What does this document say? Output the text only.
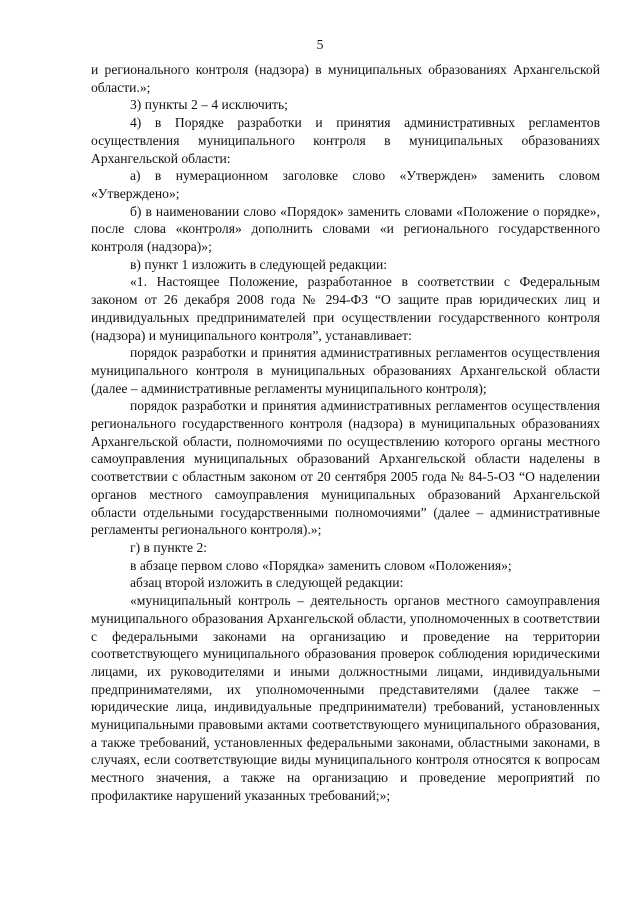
5

и регионального контроля (надзора) в муниципальных образованиях Архангельской области.»;

3) пункты 2 – 4 исключить;

4) в Порядке разработки и принятия административных регламентов осуществления муниципального контроля в муниципальных образованиях Архангельской области:

а) в нумерационном заголовке слово «Утвержден» заменить словом «Утверждено»;

б) в наименовании слово «Порядок» заменить словами «Положение о порядке», после слова «контроля» дополнить словами «и регионального государственного контроля (надзора)»;

в) пункт 1 изложить в следующей редакции:

«1. Настоящее Положение, разработанное в соответствии с Федеральным законом от 26 декабря 2008 года № 294-ФЗ “О защите прав юридических лиц и индивидуальных предпринимателей при осуществлении государственного контроля (надзора) и муниципального контроля”, устанавливает:

порядок разработки и принятия административных регламентов осуществления муниципального контроля в муниципальных образованиях Архангельской области (далее – административные регламенты муниципального контроля);

порядок разработки и принятия административных регламентов осуществления регионального государственного контроля (надзора) в муниципальных образованиях Архангельской области, полномочиями по осуществлению которого органы местного самоуправления муниципальных образований Архангельской области наделены в соответствии с областным законом от 20 сентября 2005 года № 84-5-ОЗ “О наделении органов местного самоуправления муниципальных образований Архангельской области отдельными государственными полномочиями” (далее – административные регламенты регионального контроля).»;

г) в пункте 2:

в абзаце первом слово «Порядка» заменить словом «Положения»;

абзац второй изложить в следующей редакции:

«муниципальный контроль – деятельность органов местного самоуправления муниципального образования Архангельской области, уполномоченных в соответствии с федеральными законами на организацию и проведение на территории соответствующего муниципального образования проверок соблюдения юридическими лицами, их руководителями и иными должностными лицами, индивидуальными предпринимателями, их уполномоченными представителями (далее также – юридические лица, индивидуальные предприниматели) требований, установленных муниципальными правовыми актами соответствующего муниципального образования, а также требований, установленных федеральными законами, областными законами, в случаях, если соответствующие виды муниципального контроля относятся к вопросам местного значения, а также на организацию и проведение мероприятий по профилактике нарушений указанных требований;»;
